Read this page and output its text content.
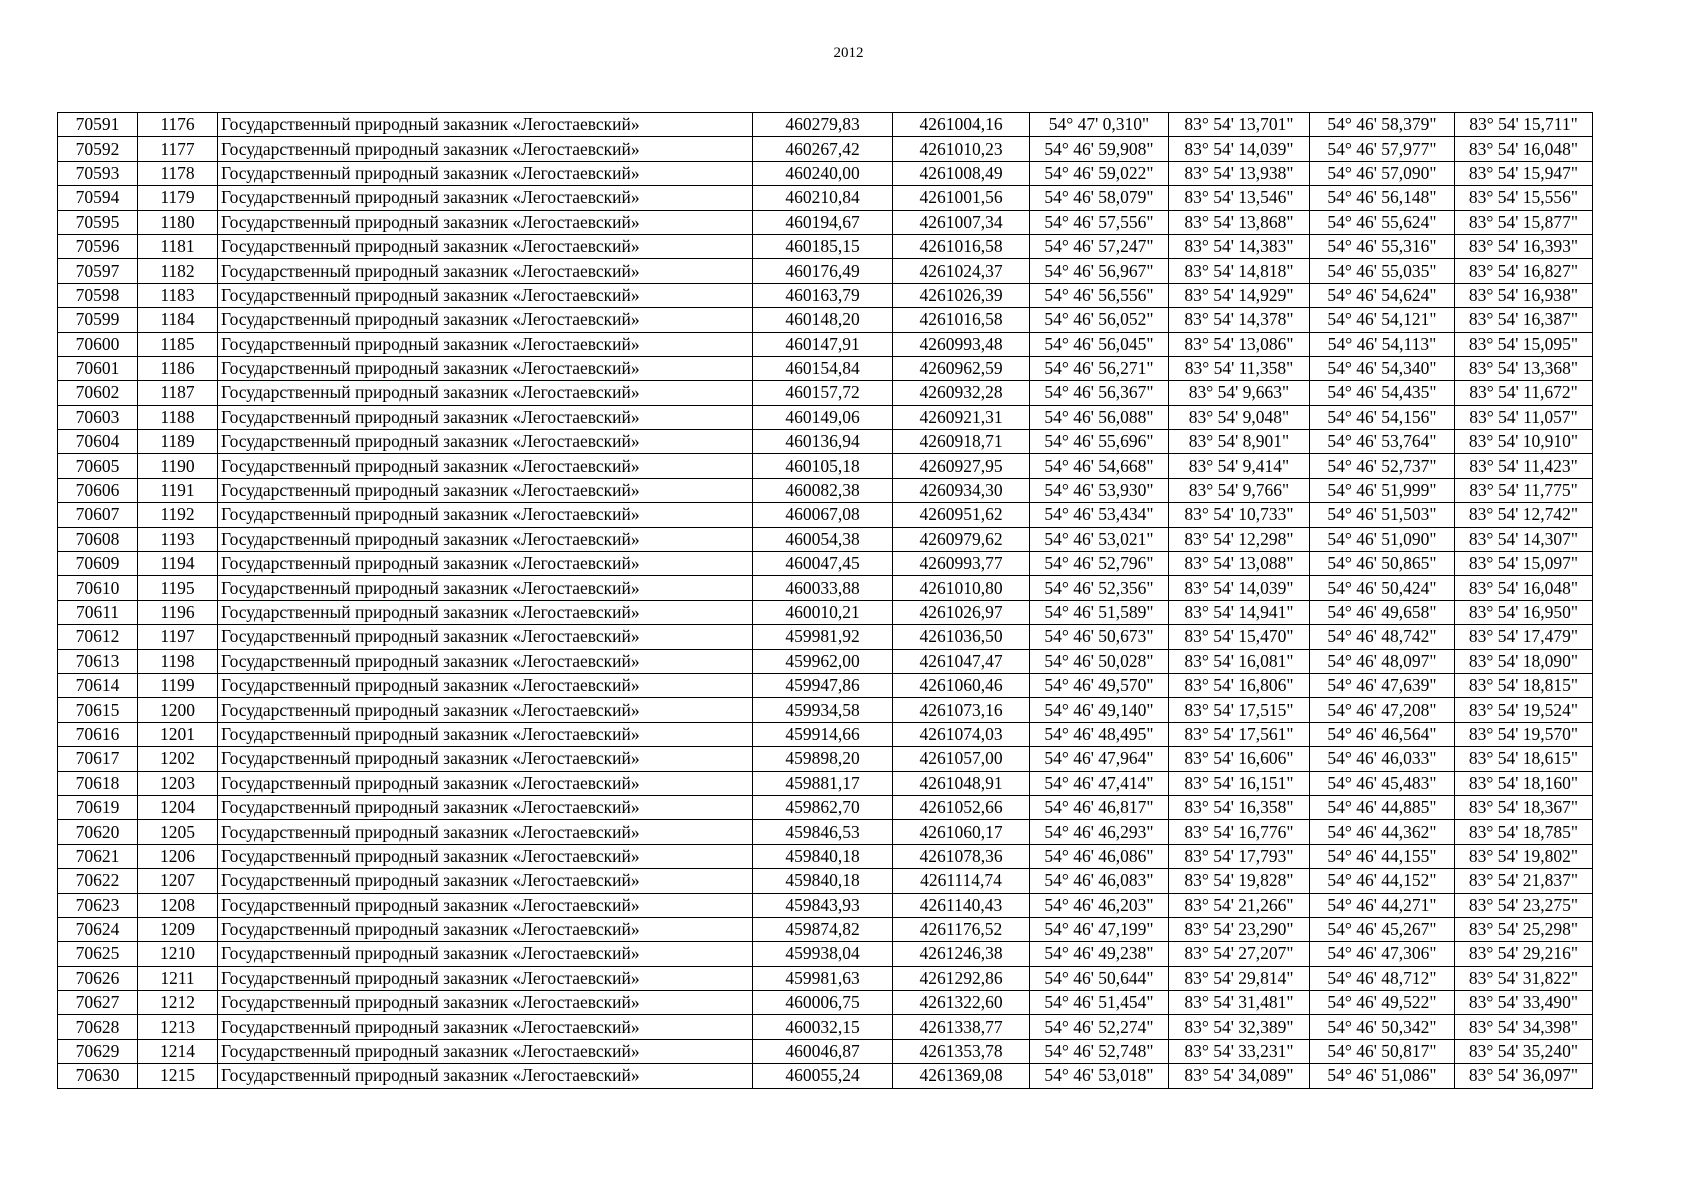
2012
70591	1176	Государственный природный заказник «Легостаевский»	460279,83	4261004,16	54° 47' 0,310"	83° 54' 13,701"	54° 46' 58,379"	83° 54' 15,711"
70592	1177	Государственный природный заказник «Легостаевский»	460267,42	4261010,23	54° 46' 59,908"	83° 54' 14,039"	54° 46' 57,977"	83° 54' 16,048"
70593	1178	Государственный природный заказник «Легостаевский»	460240,00	4261008,49	54° 46' 59,022"	83° 54' 13,938"	54° 46' 57,090"	83° 54' 15,947"
70594	1179	Государственный природный заказник «Легостаевский»	460210,84	4261001,56	54° 46' 58,079"	83° 54' 13,546"	54° 46' 56,148"	83° 54' 15,556"
70595	1180	Государственный природный заказник «Легостаевский»	460194,67	4261007,34	54° 46' 57,556"	83° 54' 13,868"	54° 46' 55,624"	83° 54' 15,877"
70596	1181	Государственный природный заказник «Легостаевский»	460185,15	4261016,58	54° 46' 57,247"	83° 54' 14,383"	54° 46' 55,316"	83° 54' 16,393"
70597	1182	Государственный природный заказник «Легостаевский»	460176,49	4261024,37	54° 46' 56,967"	83° 54' 14,818"	54° 46' 55,035"	83° 54' 16,827"
70598	1183	Государственный природный заказник «Легостаевский»	460163,79	4261026,39	54° 46' 56,556"	83° 54' 14,929"	54° 46' 54,624"	83° 54' 16,938"
70599	1184	Государственный природный заказник «Легостаевский»	460148,20	4261016,58	54° 46' 56,052"	83° 54' 14,378"	54° 46' 54,121"	83° 54' 16,387"
70600	1185	Государственный природный заказник «Легостаевский»	460147,91	4260993,48	54° 46' 56,045"	83° 54' 13,086"	54° 46' 54,113"	83° 54' 15,095"
70601	1186	Государственный природный заказник «Легостаевский»	460154,84	4260962,59	54° 46' 56,271"	83° 54' 11,358"	54° 46' 54,340"	83° 54' 13,368"
70602	1187	Государственный природный заказник «Легостаевский»	460157,72	4260932,28	54° 46' 56,367"	83° 54' 9,663"	54° 46' 54,435"	83° 54' 11,672"
70603	1188	Государственный природный заказник «Легостаевский»	460149,06	4260921,31	54° 46' 56,088"	83° 54' 9,048"	54° 46' 54,156"	83° 54' 11,057"
70604	1189	Государственный природный заказник «Легостаевский»	460136,94	4260918,71	54° 46' 55,696"	83° 54' 8,901"	54° 46' 53,764"	83° 54' 10,910"
70605	1190	Государственный природный заказник «Легостаевский»	460105,18	4260927,95	54° 46' 54,668"	83° 54' 9,414"	54° 46' 52,737"	83° 54' 11,423"
70606	1191	Государственный природный заказник «Легостаевский»	460082,38	4260934,30	54° 46' 53,930"	83° 54' 9,766"	54° 46' 51,999"	83° 54' 11,775"
70607	1192	Государственный природный заказник «Легостаевский»	460067,08	4260951,62	54° 46' 53,434"	83° 54' 10,733"	54° 46' 51,503"	83° 54' 12,742"
70608	1193	Государственный природный заказник «Легостаевский»	460054,38	4260979,62	54° 46' 53,021"	83° 54' 12,298"	54° 46' 51,090"	83° 54' 14,307"
70609	1194	Государственный природный заказник «Легостаевский»	460047,45	4260993,77	54° 46' 52,796"	83° 54' 13,088"	54° 46' 50,865"	83° 54' 15,097"
70610	1195	Государственный природный заказник «Легостаевский»	460033,88	4261010,80	54° 46' 52,356"	83° 54' 14,039"	54° 46' 50,424"	83° 54' 16,048"
70611	1196	Государственный природный заказник «Легостаевский»	460010,21	4261026,97	54° 46' 51,589"	83° 54' 14,941"	54° 46' 49,658"	83° 54' 16,950"
70612	1197	Государственный природный заказник «Легостаевский»	459981,92	4261036,50	54° 46' 50,673"	83° 54' 15,470"	54° 46' 48,742"	83° 54' 17,479"
70613	1198	Государственный природный заказник «Легостаевский»	459962,00	4261047,47	54° 46' 50,028"	83° 54' 16,081"	54° 46' 48,097"	83° 54' 18,090"
70614	1199	Государственный природный заказник «Легостаевский»	459947,86	4261060,46	54° 46' 49,570"	83° 54' 16,806"	54° 46' 47,639"	83° 54' 18,815"
70615	1200	Государственный природный заказник «Легостаевский»	459934,58	4261073,16	54° 46' 49,140"	83° 54' 17,515"	54° 46' 47,208"	83° 54' 19,524"
70616	1201	Государственный природный заказник «Легостаевский»	459914,66	4261074,03	54° 46' 48,495"	83° 54' 17,561"	54° 46' 46,564"	83° 54' 19,570"
70617	1202	Государственный природный заказник «Легостаевский»	459898,20	4261057,00	54° 46' 47,964"	83° 54' 16,606"	54° 46' 46,033"	83° 54' 18,615"
70618	1203	Государственный природный заказник «Легостаевский»	459881,17	4261048,91	54° 46' 47,414"	83° 54' 16,151"	54° 46' 45,483"	83° 54' 18,160"
70619	1204	Государственный природный заказник «Легостаевский»	459862,70	4261052,66	54° 46' 46,817"	83° 54' 16,358"	54° 46' 44,885"	83° 54' 18,367"
70620	1205	Государственный природный заказник «Легостаевский»	459846,53	4261060,17	54° 46' 46,293"	83° 54' 16,776"	54° 46' 44,362"	83° 54' 18,785"
70621	1206	Государственный природный заказник «Легостаевский»	459840,18	4261078,36	54° 46' 46,086"	83° 54' 17,793"	54° 46' 44,155"	83° 54' 19,802"
70622	1207	Государственный природный заказник «Легостаевский»	459840,18	4261114,74	54° 46' 46,083"	83° 54' 19,828"	54° 46' 44,152"	83° 54' 21,837"
70623	1208	Государственный природный заказник «Легостаевский»	459843,93	4261140,43	54° 46' 46,203"	83° 54' 21,266"	54° 46' 44,271"	83° 54' 23,275"
70624	1209	Государственный природный заказник «Легостаевский»	459874,82	4261176,52	54° 46' 47,199"	83° 54' 23,290"	54° 46' 45,267"	83° 54' 25,298"
70625	1210	Государственный природный заказник «Легостаевский»	459938,04	4261246,38	54° 46' 49,238"	83° 54' 27,207"	54° 46' 47,306"	83° 54' 29,216"
70626	1211	Государственный природный заказник «Легостаевский»	459981,63	4261292,86	54° 46' 50,644"	83° 54' 29,814"	54° 46' 48,712"	83° 54' 31,822"
70627	1212	Государственный природный заказник «Легостаевский»	460006,75	4261322,60	54° 46' 51,454"	83° 54' 31,481"	54° 46' 49,522"	83° 54' 33,490"
70628	1213	Государственный природный заказник «Легостаевский»	460032,15	4261338,77	54° 46' 52,274"	83° 54' 32,389"	54° 46' 50,342"	83° 54' 34,398"
70629	1214	Государственный природный заказник «Легостаевский»	460046,87	4261353,78	54° 46' 52,748"	83° 54' 33,231"	54° 46' 50,817"	83° 54' 35,240"
70630	1215	Государственный природный заказник «Легостаевский»	460055,24	4261369,08	54° 46' 53,018"	83° 54' 34,089"	54° 46' 51,086"	83° 54' 36,097"
